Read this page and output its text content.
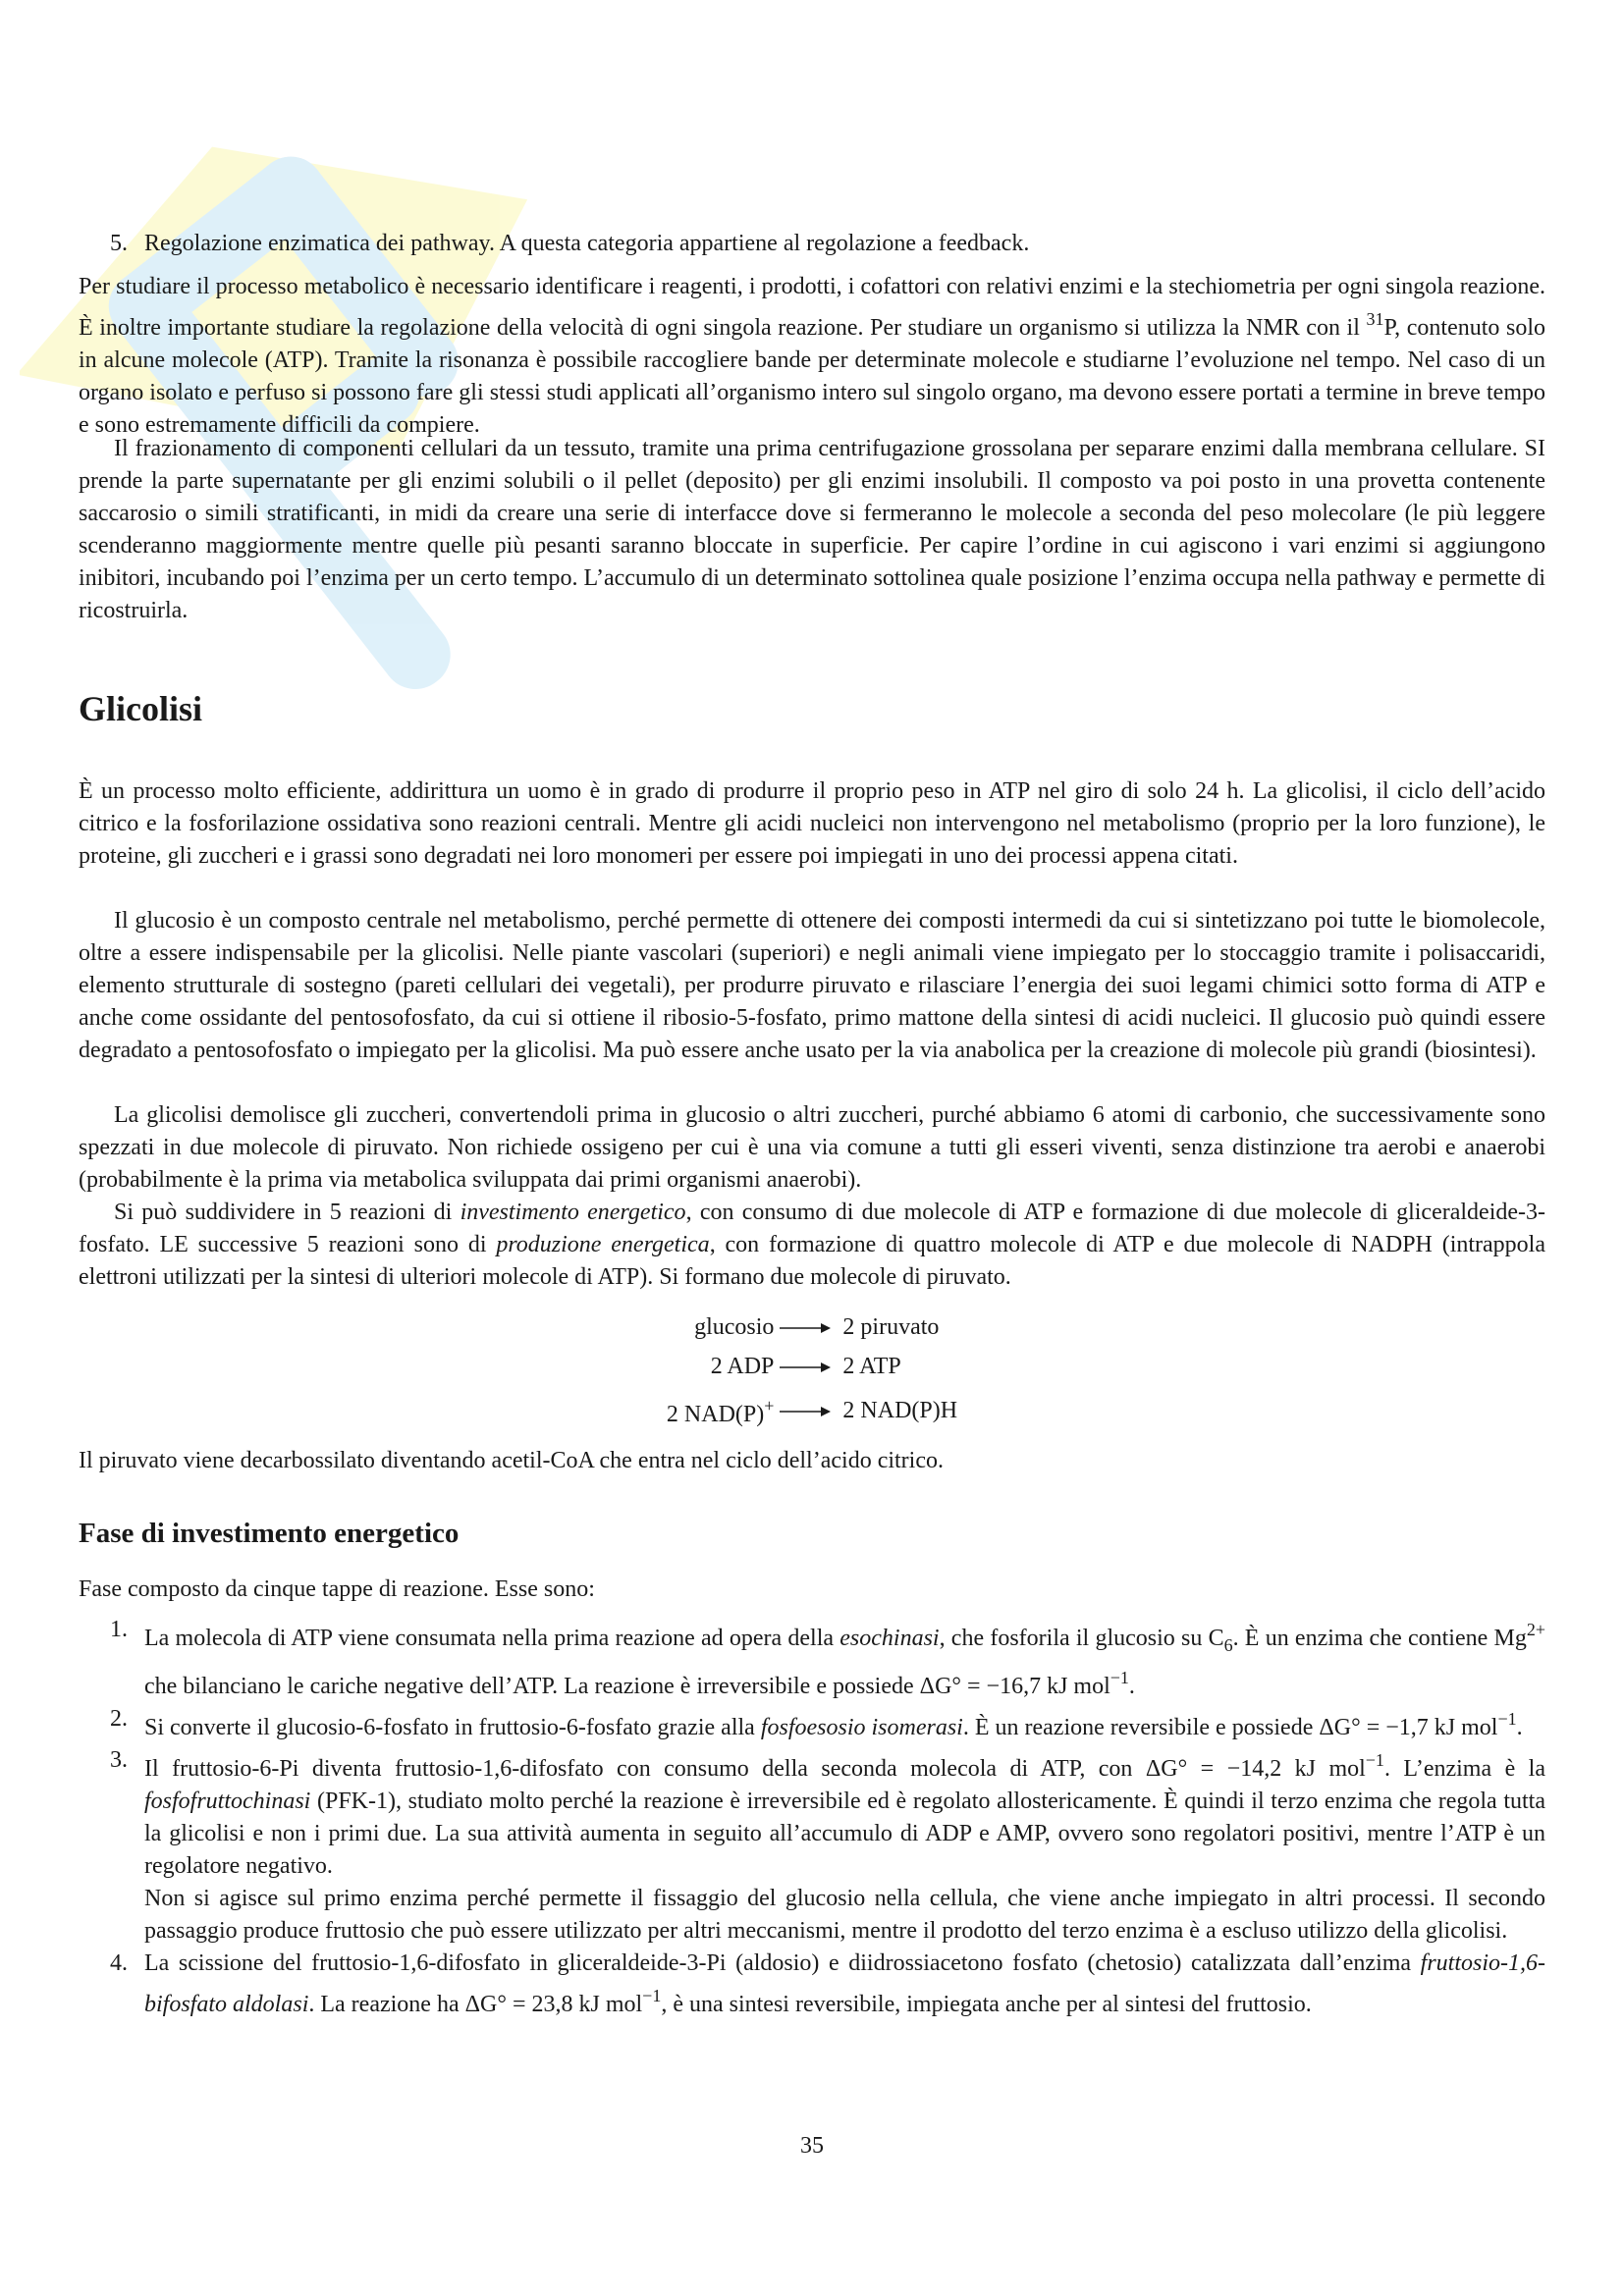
5. Regolazione enzimatica dei pathway. A questa categoria appartiene al regolazione a feedback.

Per studiare il processo metabolico è necessario identificare i reagenti, i prodotti, i cofattori con relativi enzimi e la stechiometria per ogni singola reazione. È inoltre importante studiare la regolazione della velocità di ogni singola reazione. Per studiare un organismo si utilizza la NMR con il $^{31}$P, contenuto solo in alcune molecole (ATP). Tramite la risonanza è possibile raccogliere bande per determinate molecole e studiarne l’evoluzione nel tempo. Nel caso di un organo isolato e perfuso si possono fare gli stessi studi applicati all’organismo intero sul singolo organo, ma devono essere portati a termine in breve tempo e sono estremamente difficili da compiere.

Il frazionamento di componenti cellulari da un tessuto, tramite una prima centrifugazione grossolana per separare enzimi dalla membrana cellulare. SI prende la parte supernatante per gli enzimi solubili o il pellet (deposito) per gli enzimi insolubili. Il composto va poi posto in una provetta contenente saccarosio o simili stratificanti, in midi da creare una serie di interfacce dove si fermeranno le molecole a seconda del peso molecolare (le più leggere scenderanno maggiormente mentre quelle più pesanti saranno bloccate in superficie. Per capire l’ordine in cui agiscono i vari enzimi si aggiungono inibitori, incubando poi l’enzima per un certo tempo. L’accumulo di un determinato sottolinea quale posizione l’enzima occupa nella pathway e permette di ricostruirla.

Glicolisi

È un processo molto efficiente, addirittura un uomo è in grado di produrre il proprio peso in ATP nel giro di solo 24 h. La glicolisi, il ciclo dell’acido citrico e la fosforilazione ossidativa sono reazioni centrali. Mentre gli acidi nucleici non intervengono nel metabolismo (proprio per la loro funzione), le proteine, gli zuccheri e i grassi sono degradati nei loro monomeri per essere poi impiegati in uno dei processi appena citati.

Il glucosio è un composto centrale nel metabolismo, perché permette di ottenere dei composti intermedi da cui si sintetizzano poi tutte le biomolecole, oltre a essere indispensabile per la glicolisi. Nelle piante vascolari (superiori) e negli animali viene impiegato per lo stoccaggio tramite i polisaccaridi, elemento strutturale di sostegno (pareti cellulari dei vegetali), per produrre piruvato e rilasciare l’energia dei suoi legami chimici sotto forma di ATP e anche come ossidante del pentosofosfato, da cui si ottiene il ribosio-5-fosfato, primo mattone della sintesi di acidi nucleici. Il glucosio può quindi essere degradato a pentosofosfato o impiegato per la glicolisi. Ma può essere anche usato per la via anabolica per la creazione di molecole più grandi (biosintesi).

La glicolisi demolisce gli zuccheri, convertendoli prima in glucosio o altri zuccheri, purché abbiamo 6 atomi di carbonio, che successivamente sono spezzati in due molecole di piruvato. Non richiede ossigeno per cui è una via comune a tutti gli esseri viventi, senza distinzione tra aerobi e anaerobi (probabilmente è la prima via metabolica sviluppata dai primi organismi anaerobi).

Si può suddividere in 5 reazioni di investimento energetico, con consumo di due molecole di ATP e formazione di due molecole di gliceraldeide-3-fosfato. LE successive 5 reazioni sono di produzione energetica, con formazione di quattro molecole di ATP e due molecole di NADPH (intrappola elettroni utilizzati per la sintesi di ulteriori molecole di ATP). Si formano due molecole di piruvato.

glucosio		2 piruvato
2 ADP		2 ATP
2 NAD(P)+		2 NAD(P)H

Il piruvato viene decarbossilato diventando acetil-CoA che entra nel ciclo dell’acido citrico.

Fase di investimento energetico

Fase composto da cinque tappe di reazione. Esse sono:

1. La molecola di ATP viene consumata nella prima reazione ad opera della esochinasi, che fosforila il glucosio su $C_6$. È un enzima che contiene $Mg^{2+}$ che bilanciano le cariche negative dell’ATP. La reazione è irreversibile e possiede ΔG° = −16,7 kJ mol$^{-1}$.
2. Si converte il glucosio-6-fosfato in fruttosio-6-fosfato grazie alla fosfoesosio isomerasi. È un reazione reversibile e possiede ΔG° = −1,7 kJ mol$^{-1}$.
3. Il fruttosio-6-Pi diventa fruttosio-1,6-difosfato con consumo della seconda molecola di ATP, con ΔG° = −14,2 kJ mol$^{-1}$. L’enzima è la fosfofruttochinasi (PFK-1), studiato molto perché la reazione è irreversibile ed è regolato allostericamente. È quindi il terzo enzima che regola tutta la glicolisi e non i primi due. La sua attività aumenta in seguito all’accumulo di ADP e AMP, ovvero sono regolatori positivi, mentre l’ATP è un regolatore negativo.
Non si agisce sul primo enzima perché permette il fissaggio del glucosio nella cellula, che viene anche impiegato in altri processi. Il secondo passaggio produce fruttosio che può essere utilizzato per altri meccanismi, mentre il prodotto del terzo enzima è a escluso utilizzo della glicolisi.
4. La scissione del fruttosio-1,6-difosfato in gliceraldeide-3-Pi (aldosio) e diidrossiacetono fosfato (chetosio) catalizzata dall’enzima fruttosio-1,6-bifosfato aldolasi. La reazione ha ΔG° = 23,8 kJ mol$^{-1}$, è una sintesi reversibile, impiegata anche per al sintesi del fruttosio.
35
